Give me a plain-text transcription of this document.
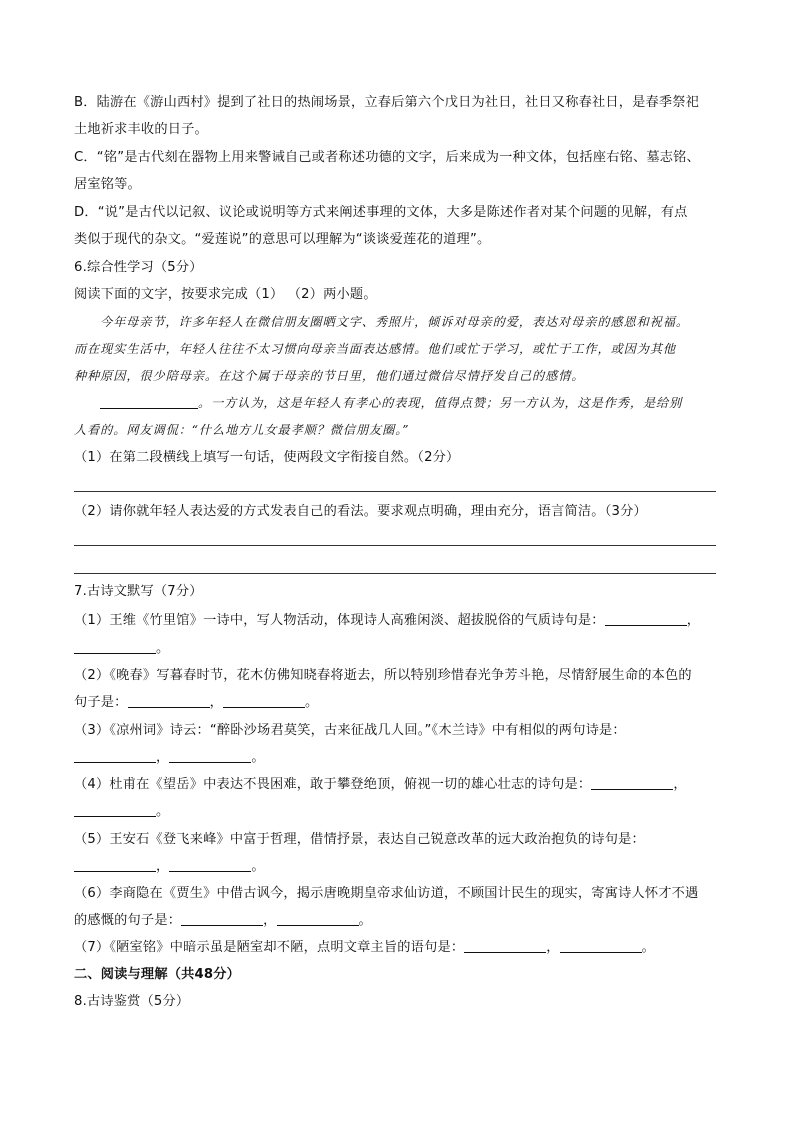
B．陆游在《游山西村》提到了社日的热闹场景，立春后第六个戊日为社日，社日又称春社日，是春季祭祀
土地祈求丰收的日子。
C．“铭”是古代刻在器物上用来警诫自己或者称述功德的文字，后来成为一种文体，包括座右铭、墓志铭、
居室铭等。
D．“说”是古代以记叙、议论或说明等方式来阐述事理的文体，大多是陈述作者对某个问题的见解，有点
类似于现代的杂文。“爱莲说”的意思可以理解为“谈谈爱莲花的道理”。
6.综合性学习（5分）
阅读下面的文字，按要求完成（1） （2）两小题。
今年母亲节，许多年轻人在微信朋友圈晒文字、秀照片，倾诉对母亲的爱，表达对母亲的感恩和祝福。
而在现实生活中，年轻人往往不太习惯向母亲当面表达感情。他们或忙于学习，或忙于工作，或因为其他
种种原因，很少陪母亲。在这个属于母亲的节日里，他们通过微信尽情抒发自己的感情。
。一方认为，这是年轻人有孝心的表现，值得点赞；另一方认为，这是作秀，是给别
人看的。网友调侃：“什么地方儿女最孝顺？微信朋友圈。”
（1）在第二段横线上填写一句话，使两段文字衔接自然。（2分）
（2）请你就年轻人表达爱的方式发表自己的看法。要求观点明确，理由充分，语言简洁。（3分）
7.古诗文默写（7分）
（1）王维《竹里馆》一诗中，写人物活动，体现诗人高雅闲淡、超拔脱俗的气质诗句是：	，
。
（2）《晚春》写暮春时节，花木仿佛知晓春将逝去，所以特别珍惜春光争芳斗艳，尽情舒展生命的本色的
句子是：	，	。
（3）《凉州词》诗云：“醉卧沙场君莫笑，古来征战几人回。”《木兰诗》中有相似的两句诗是：
，	。
（4）杜甫在《望岳》中表达不畏困难，敢于攀登绝顶，俯视一切的雄心壮志的诗句是：	，
。
（5）王安石《登飞来峰》中富于哲理，借情抒景，表达自己锐意改革的远大政治抱负的诗句是：
，	。
（6）李商隐在《贾生》中借古讽今，揭示唐晚期皇帝求仙访道，不顾国计民生的现实，寄寓诗人怀才不遇
的感慨的句子是：	，	。
（7）《陋室铭》中暗示虽是陋室却不陋，点明文章主旨的语句是：	，	。
二、阅读与理解（共48分）
8.古诗鉴赏（5分）
